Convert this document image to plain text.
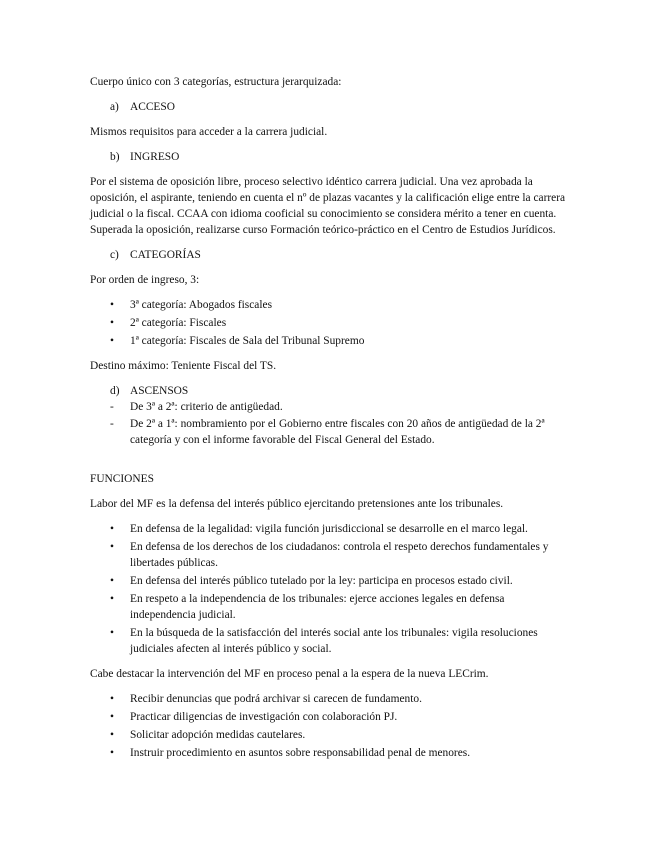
Cuerpo único con 3 categorías, estructura jerarquizada:

a) ACCESO

Mismos requisitos para acceder a la carrera judicial.

b) INGRESO

Por el sistema de oposición libre, proceso selectivo idéntico carrera judicial. Una vez aprobada la oposición, el aspirante, teniendo en cuenta el nº de plazas vacantes y la calificación elige entre la carrera judicial o la fiscal. CCAA con idioma cooficial su conocimiento se considera mérito a tener en cuenta. Superada la oposición, realizarse curso Formación teórico-práctico en el Centro de Estudios Jurídicos.

c) CATEGORÍAS

Por orden de ingreso, 3:

•	3ª categoría: Abogados fiscales
•	2ª categoría: Fiscales
•	1ª categoría: Fiscales de Sala del Tribunal Supremo

Destino máximo: Teniente Fiscal del TS.

d) ASCENSOS
-	De 3ª a 2ª: criterio de antigüedad.
-	De 2ª a 1ª: nombramiento por el Gobierno entre fiscales con 20 años de antigüedad de la 2ª categoría y con el informe favorable del Fiscal General del Estado.

FUNCIONES

Labor del MF es la defensa del interés público ejercitando pretensiones ante los tribunales.

•	En defensa de la legalidad: vigila función jurisdiccional se desarrolle en el marco legal.
•	En defensa de los derechos de los ciudadanos: controla el respeto derechos fundamentales y libertades públicas.
•	En defensa del interés público tutelado por la ley: participa en procesos estado civil.
•	En respeto a la independencia de los tribunales: ejerce acciones legales en defensa independencia judicial.
•	En la búsqueda de la satisfacción del interés social ante los tribunales: vigila resoluciones judiciales afecten al interés público y social.

Cabe destacar la intervención del MF en proceso penal a la espera de la nueva LECrim.

•	Recibir denuncias que podrá archivar si carecen de fundamento.
•	Practicar diligencias de investigación con colaboración PJ.
•	Solicitar adopción medidas cautelares.
•	Instruir procedimiento en asuntos sobre responsabilidad penal de menores.
